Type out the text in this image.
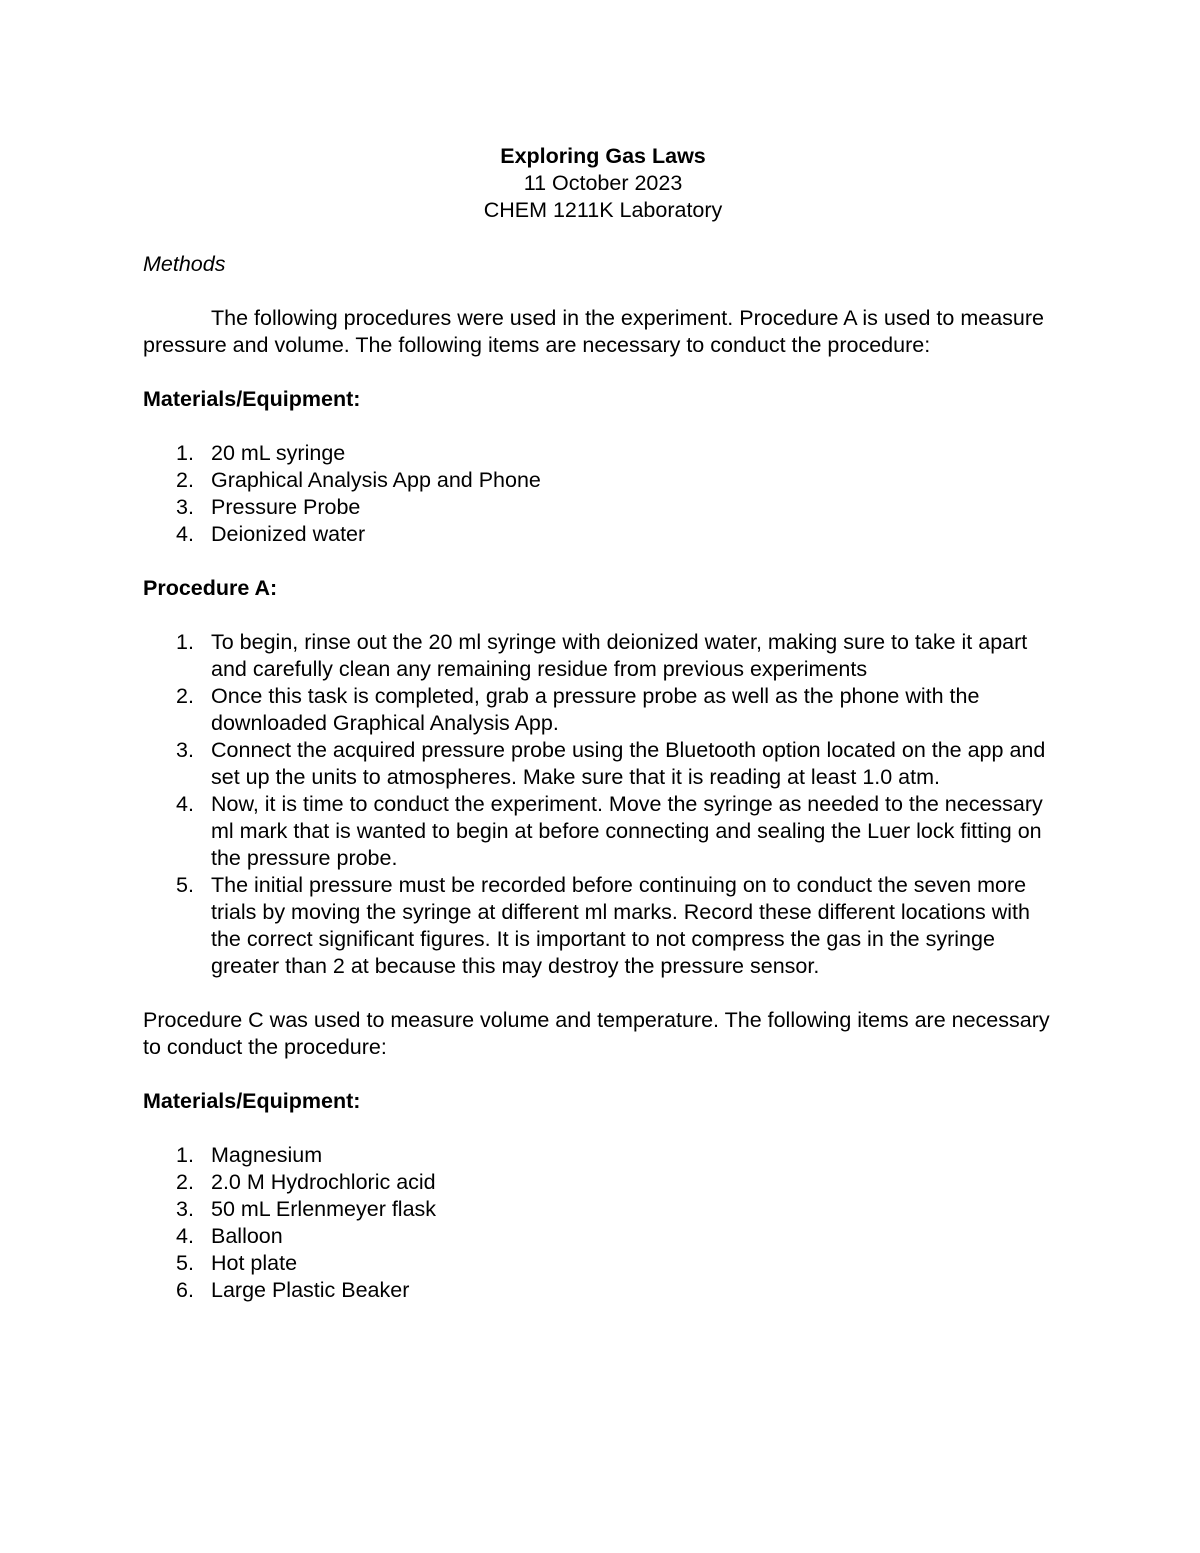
Exploring Gas Laws

11 October 2023

CHEM 1211K Laboratory

Methods

The following procedures were used in the experiment. Procedure A is used to measure pressure and volume. The following items are necessary to conduct the procedure:

Materials/Equipment:

1. 20 mL syringe
2. Graphical Analysis App and Phone
3. Pressure Probe
4. Deionized water

Procedure A:

1. To begin, rinse out the 20 ml syringe with deionized water, making sure to take it apart and carefully clean any remaining residue from previous experiments
2. Once this task is completed, grab a pressure probe as well as the phone with the downloaded Graphical Analysis App.
3. Connect the acquired pressure probe using the Bluetooth option located on the app and set up the units to atmospheres. Make sure that it is reading at least 1.0 atm.
4. Now, it is time to conduct the experiment. Move the syringe as needed to the necessary ml mark that is wanted to begin at before connecting and sealing the Luer lock fitting on the pressure probe.
5. The initial pressure must be recorded before continuing on to conduct the seven more trials by moving the syringe at different ml marks. Record these different locations with the correct significant figures. It is important to not compress the gas in the syringe greater than 2 at because this may destroy the pressure sensor.

Procedure C was used to measure volume and temperature. The following items are necessary to conduct the procedure:

Materials/Equipment:

1. Magnesium
2. 2.0 M Hydrochloric acid
3. 50 mL Erlenmeyer flask
4. Balloon
5. Hot plate
6. Large Plastic Beaker
